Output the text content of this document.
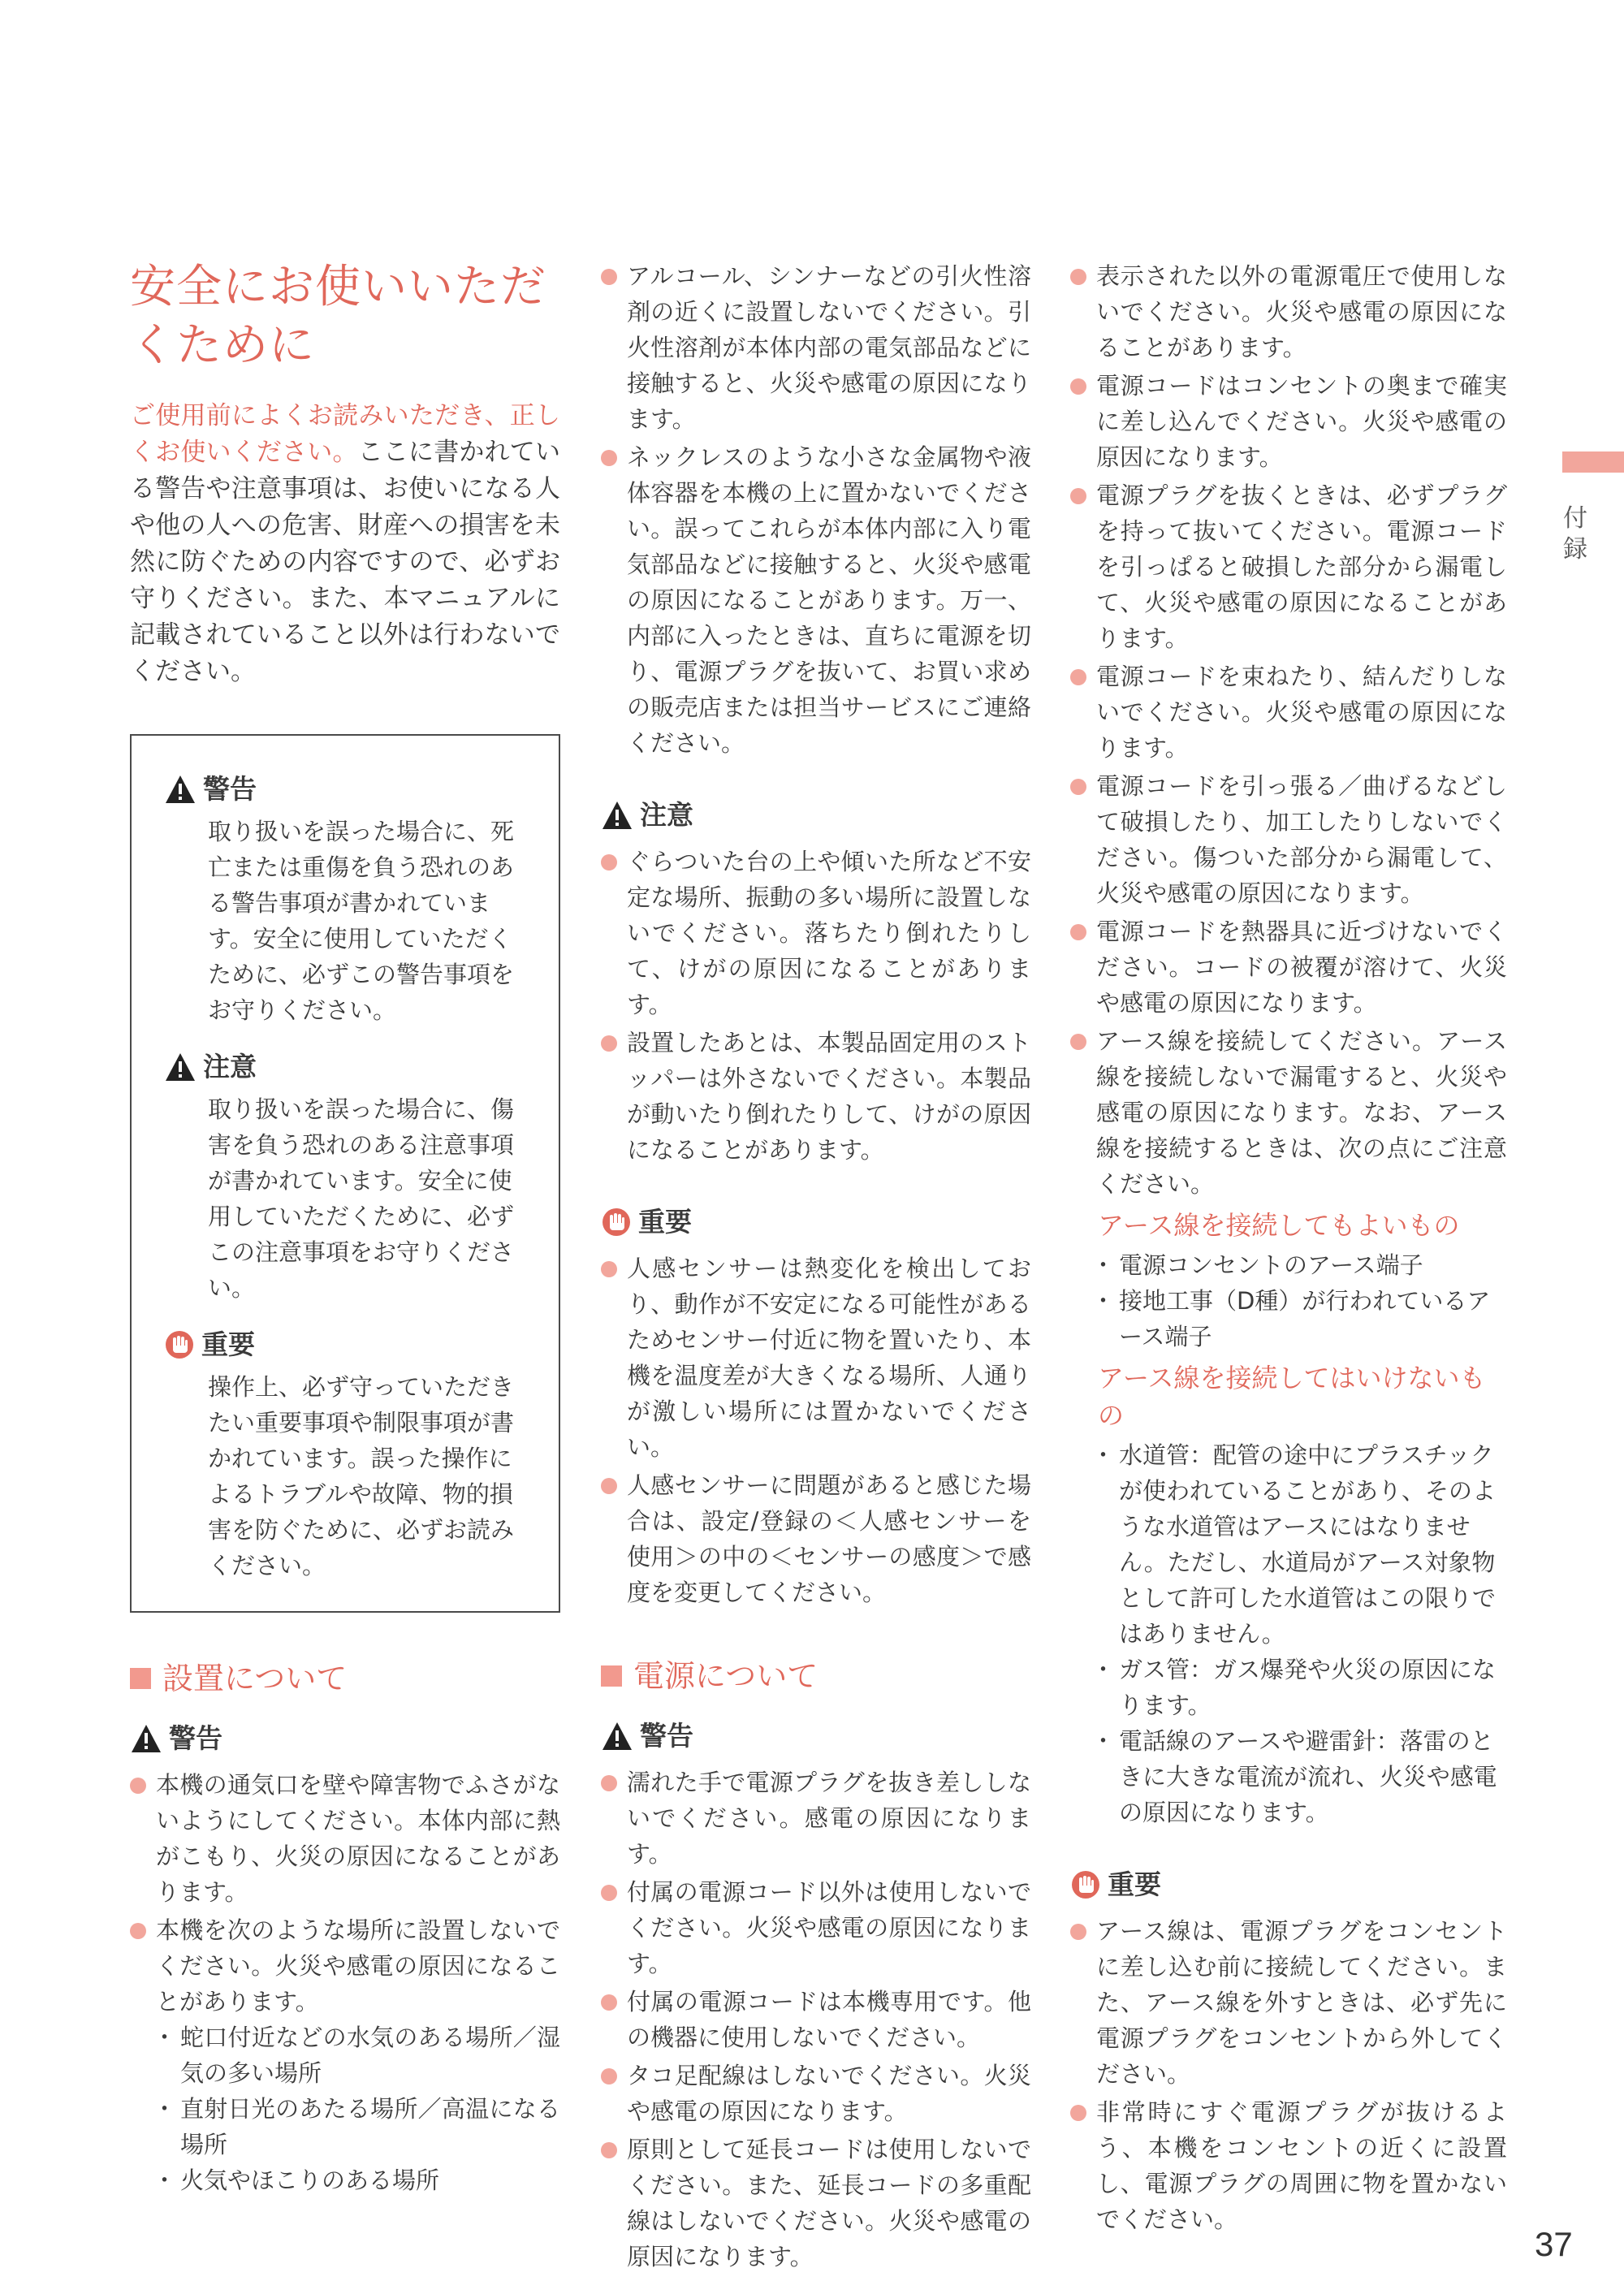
安全にお使いいただくために

ご使用前によくお読みいただき、正しくお使いください。ここに書かれている警告や注意事項は、お使いになる人や他の人への危害、財産への損害を未然に防ぐための内容ですので、必ずお守りください。また、本マニュアルに記載されていること以外は行わないでください。

警告
取り扱いを誤った場合に、死亡または重傷を負う恐れのある警告事項が書かれています。安全に使用していただくために、必ずこの警告事項をお守りください。
注意
取り扱いを誤った場合に、傷害を負う恐れのある注意事項が書かれています。安全に使用していただくために、必ずこの注意事項をお守りください。
重要
操作上、必ず守っていただきたい重要事項や制限事項が書かれています。誤った操作によるトラブルや故障、物的損害を防ぐために、必ずお読みください。
設置について
警告
本機の通気口を壁や障害物でふさがないようにしてください。本体内部に熱がこもり、火災の原因になることがあります。
本機を次のような場所に設置しないでください。火災や感電の原因になることがあります。
・ 蛇口付近などの水気のある場所／湿気の多い場所
・ 直射日光のあたる場所／高温になる場所
・ 火気やほこりのある場所
アルコール、シンナーなどの引火性溶剤の近くに設置しないでください。引火性溶剤が本体内部の電気部品などに接触すると、火災や感電の原因になります。
ネックレスのような小さな金属物や液体容器を本機の上に置かないでください。誤ってこれらが本体内部に入り電気部品などに接触すると、火災や感電の原因になることがあります。万一、内部に入ったときは、直ちに電源を切り、電源プラグを抜いて、お買い求めの販売店または担当サービスにご連絡ください。
注意
ぐらついた台の上や傾いた所など不安定な場所、振動の多い場所に設置しないでください。落ちたり倒れたりして、けがの原因になることがあります。
設置したあとは、本製品固定用のストッパーは外さないでください。本製品が動いたり倒れたりして、けがの原因になることがあります。
重要
人感センサーは熱変化を検出しており、動作が不安定になる可能性があるためセンサー付近に物を置いたり、本機を温度差が大きくなる場所、人通りが激しい場所には置かないでください。
人感センサーに問題があると感じた場合は、設定/登録の＜人感センサーを使用＞の中の＜センサーの感度＞で感度を変更してください。
電源について
警告
濡れた手で電源プラグを抜き差ししないでください。感電の原因になります。
付属の電源コード以外は使用しないでください。火災や感電の原因になります。
付属の電源コードは本機専用です。他の機器に使用しないでください。
タコ足配線はしないでください。火災や感電の原因になります。
原則として延長コードは使用しないでください。また、延長コードの多重配線はしないでください。火災や感電の原因になります。
表示された以外の電源電圧で使用しないでください。火災や感電の原因になることがあります。
電源コードはコンセントの奥まで確実に差し込んでください。火災や感電の原因になります。
電源プラグを抜くときは、必ずプラグを持って抜いてください。電源コードを引っぱると破損した部分から漏電して、火災や感電の原因になることがあります。
電源コードを束ねたり、結んだりしないでください。火災や感電の原因になります。
電源コードを引っ張る／曲げるなどして破損したり、加工したりしないでください。傷ついた部分から漏電して、火災や感電の原因になります。
電源コードを熱器具に近づけないでください。コードの被覆が溶けて、火災や感電の原因になります。
アース線を接続してください。アース線を接続しないで漏電すると、火災や感電の原因になります。なお、アース線を接続するときは、次の点にご注意ください。
アース線を接続してもよいもの
・ 電源コンセントのアース端子
・ 接地工事（D種）が行われているアース端子
アース線を接続してはいけないもの
・ 水道管：配管の途中にプラスチックが使われていることがあり、そのような水道管はアースにはなりません。ただし、水道局がアース対象物として許可した水道管はこの限りではありません。
・ ガス管：ガス爆発や火災の原因になります。
・ 電話線のアースや避雷針：落雷のときに大きな電流が流れ、火災や感電の原因になります。
重要
アース線は、電源プラグをコンセントに差し込む前に接続してください。また、アース線を外すときは、必ず先に電源プラグをコンセントから外してください。
非常時にすぐ電源プラグが抜けるよう、本機をコンセントの近くに設置し、電源プラグの周囲に物を置かないでください。
付録
37
